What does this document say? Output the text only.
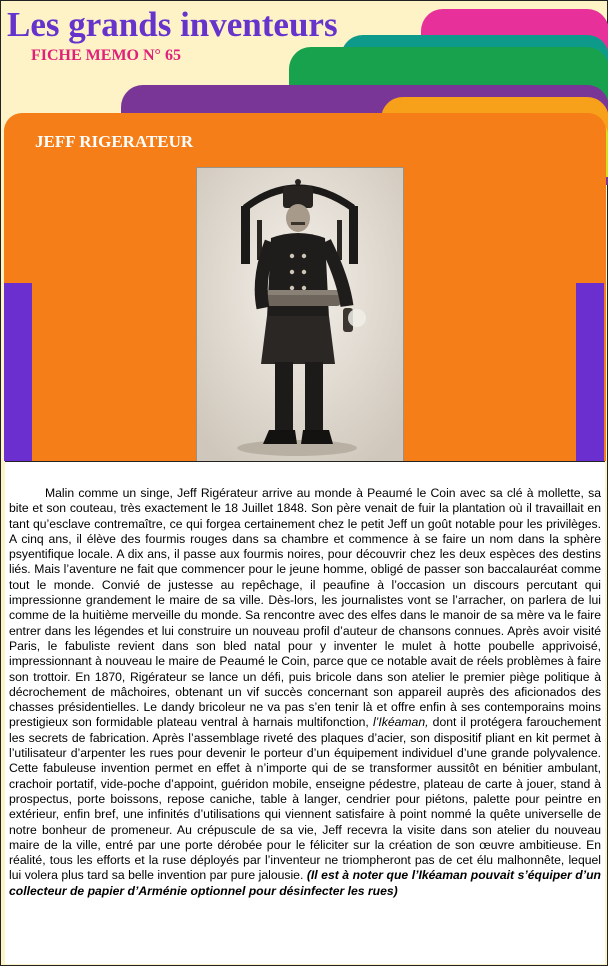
Les grands inventeurs
FICHE MEMO N° 65
JEFF RIGERATEUR

Malin comme un singe, Jeff Rigérateur arrive au monde à Peaumé le Coin avec sa clé à mollette, sa bite et son couteau, très exactement le 18 Juillet 1848. Son père venait de fuir la plantation où il travaillait en tant qu’esclave contremaître, ce qui forgea certainement chez le petit Jeff un goût notable pour les privilèges. A cinq ans, il élève des fourmis rouges dans sa chambre et commence à se faire un nom dans la sphère psyentifique locale. A dix ans, il passe aux fourmis noires, pour découvrir chez les deux espèces des destins liés. Mais l’aventure ne fait que commencer pour le jeune homme, obligé de passer son baccalauréat comme tout le monde. Convié de justesse au repêchage, il peaufine à l’occasion un discours percutant qui impressionne grandement le maire de sa ville. Dès-lors, les journalistes vont se l’arracher, on parlera de lui comme de la huitième merveille du monde. Sa rencontre avec des elfes dans le manoir de sa mère va le faire entrer dans les légendes et lui construire un nouveau profil d’auteur de chansons connues. Après avoir visité Paris, le fabuliste revient dans son bled natal pour y inventer le mulet à hotte poubelle apprivoisé, impressionnant à nouveau le maire de Peaumé le Coin, parce que ce notable avait de réels problèmes à faire son trottoir. En 1870, Rigérateur se lance un défi, puis bricole dans son atelier le premier piège politique à décrochement de mâchoires, obtenant un vif succès concernant son appareil auprès des aficionados des chasses présidentielles. Le dandy bricoleur ne va pas s’en tenir là et offre enfin à ses contemporains moins prestigieux son formidable plateau ventral à harnais multifonction, l’Ikéaman, dont il protégera farouchement les secrets de fabrication. Après l’assemblage riveté des plaques d’acier, son dispositif pliant en kit permet à l’utilisateur d’arpenter les rues pour devenir le porteur d’un équipement individuel d’une grande polyvalence. Cette fabuleuse invention permet en effet à n’importe qui de se transformer aussitôt en bénitier ambulant, crachoir portatif, vide-poche d’appoint, guéridon mobile, enseigne pédestre, plateau de carte à jouer, stand à prospectus, porte boissons, repose caniche, table à langer, cendrier pour piétons, palette pour peintre en extérieur, enfin bref, une infinités d’utilisations qui viennent satisfaire à point nommé la quête universelle de notre bonheur de promeneur. Au crépuscule de sa vie, Jeff recevra la visite dans son atelier du nouveau maire de la ville, entré par une porte dérobée pour le féliciter sur la création de son œuvre ambitieuse. En réalité, tous les efforts et la ruse déployés par l’inventeur ne triompheront pas de cet élu malhonnête, lequel lui volera plus tard sa belle invention par pure jalousie. (Il est à noter que l’Ikéaman pouvait s’équiper d’un collecteur de papier d’Arménie optionnel pour désinfecter les rues)
